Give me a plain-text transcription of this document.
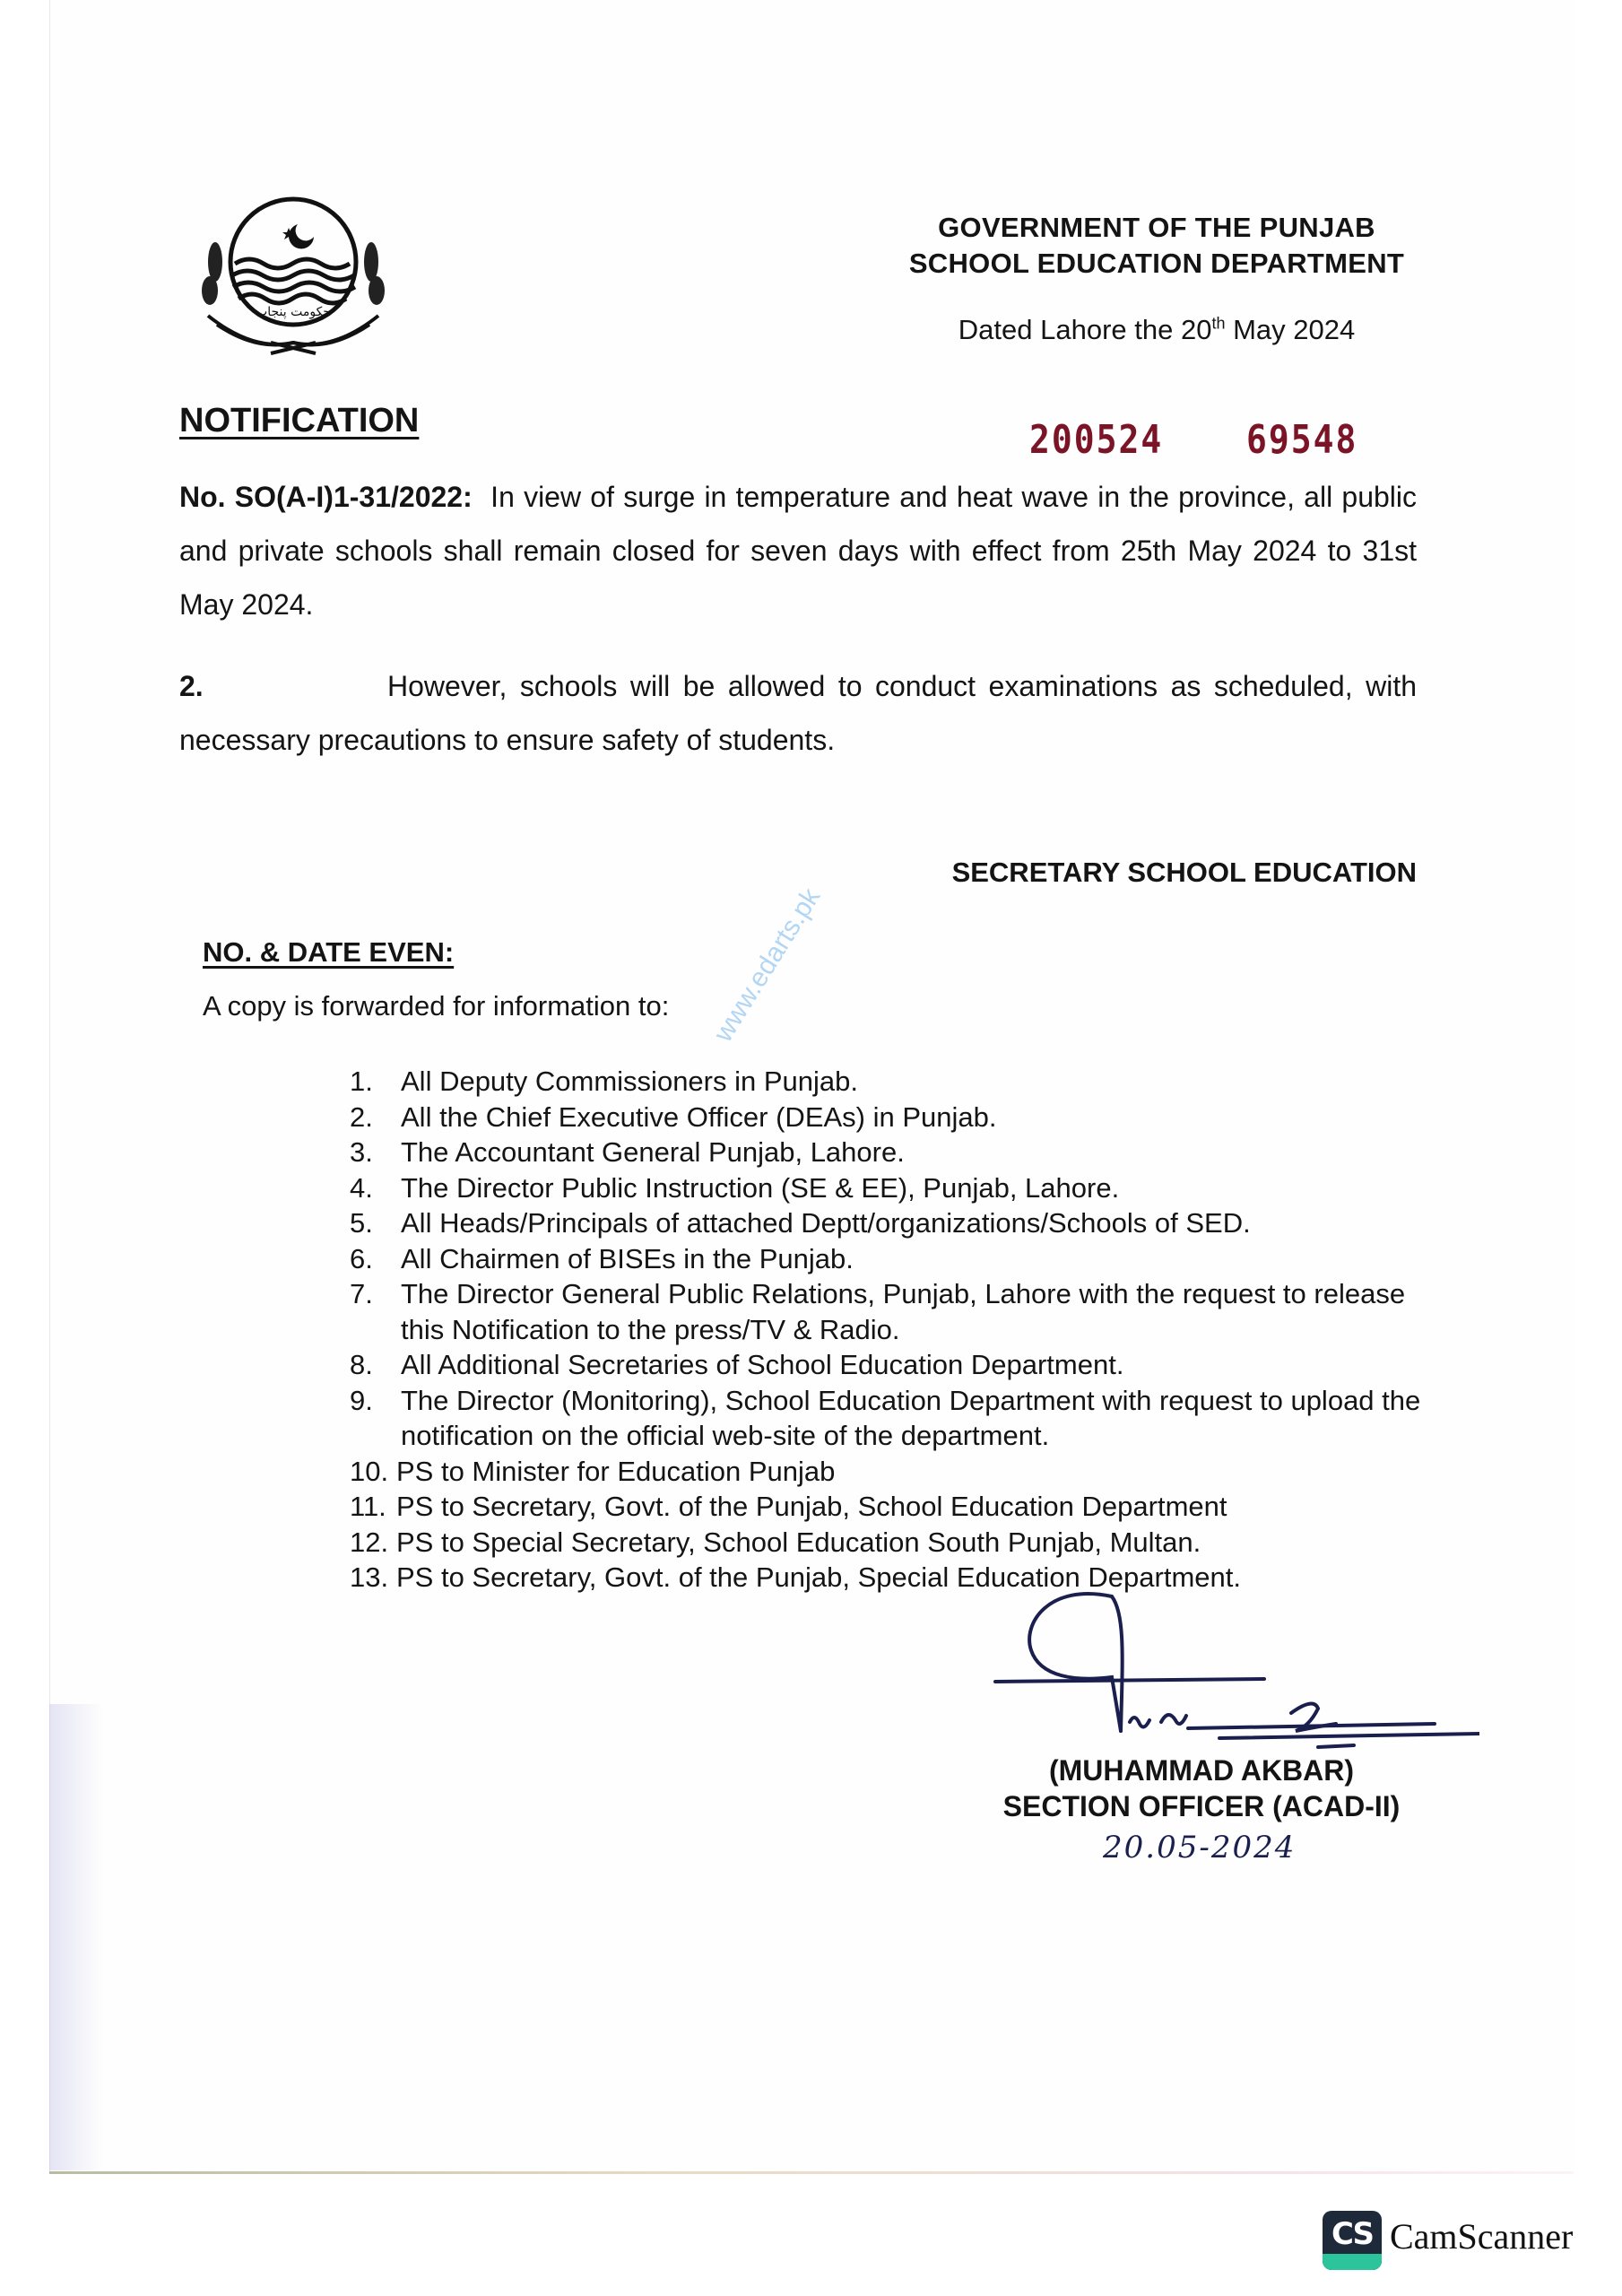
حکومت پنجاب
GOVERNMENT OF THE PUNJAB
SCHOOL EDUCATION DEPARTMENT
Dated Lahore the 20th May 2024
NOTIFICATION	200524 69548
No. SO(A-I)1-31/2022: In view of surge in temperature and heat wave in the province, all public and private schools shall remain closed for seven days with effect from 25th May 2024 to 31st May 2024.
2.	However, schools will be allowed to conduct examinations as scheduled, with necessary precautions to ensure safety of students.
SECRETARY SCHOOL EDUCATION
NO. & DATE EVEN:
A copy is forwarded for information to:
1.	All Deputy Commissioners in Punjab.
2.	All the Chief Executive Officer (DEAs) in Punjab.
3.	The Accountant General Punjab, Lahore.
4.	The Director Public Instruction (SE & EE), Punjab, Lahore.
5.	All Heads/Principals of attached Deptt/organizations/Schools of SED.
6.	All Chairmen of BISEs in the Punjab.
7.	The Director General Public Relations, Punjab, Lahore with the request to release this Notification to the press/TV & Radio.
8.	All Additional Secretaries of School Education Department.
9.	The Director (Monitoring), School Education Department with request to upload the notification on the official web-site of the department.
10. PS to Minister for Education Punjab
11. PS to Secretary, Govt. of the Punjab, School Education Department
12. PS to Special Secretary, School Education South Punjab, Multan.
13. PS to Secretary, Govt. of the Punjab, Special Education Department.
www.edarts.pk
(MUHAMMAD AKBAR)
SECTION OFFICER (ACAD-II)
20.05-2024
CS CamScanner
